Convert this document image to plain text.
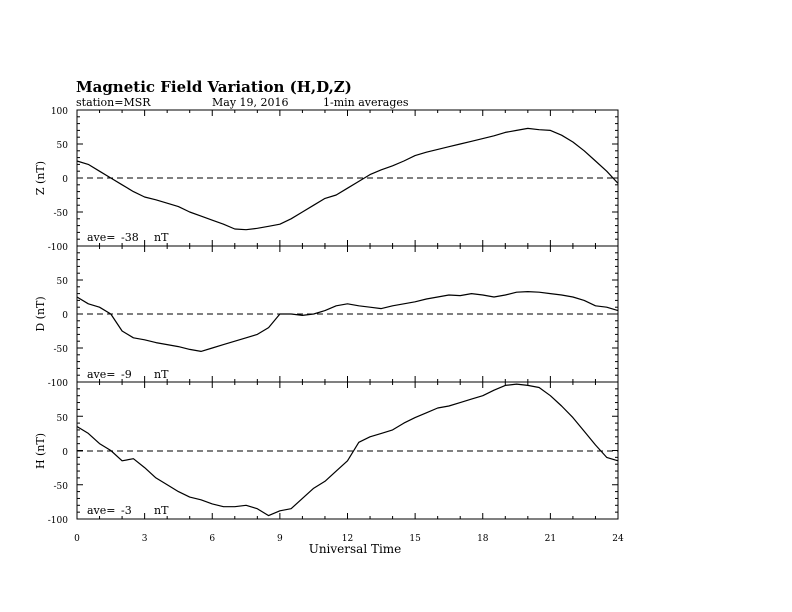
Magnetic Field Variation (H,D,Z)
station=MSR	May 19, 2016	1-min averages
100
50
0
-50
-100
Z (nT)
ave= -38 nT
50
0
-50
-100
D (nT)
ave= -9 nT
50
0
-50
-100
H (nT)
ave= -3 nT
0	3	6	9	12	15	18	21	24
Universal Time
